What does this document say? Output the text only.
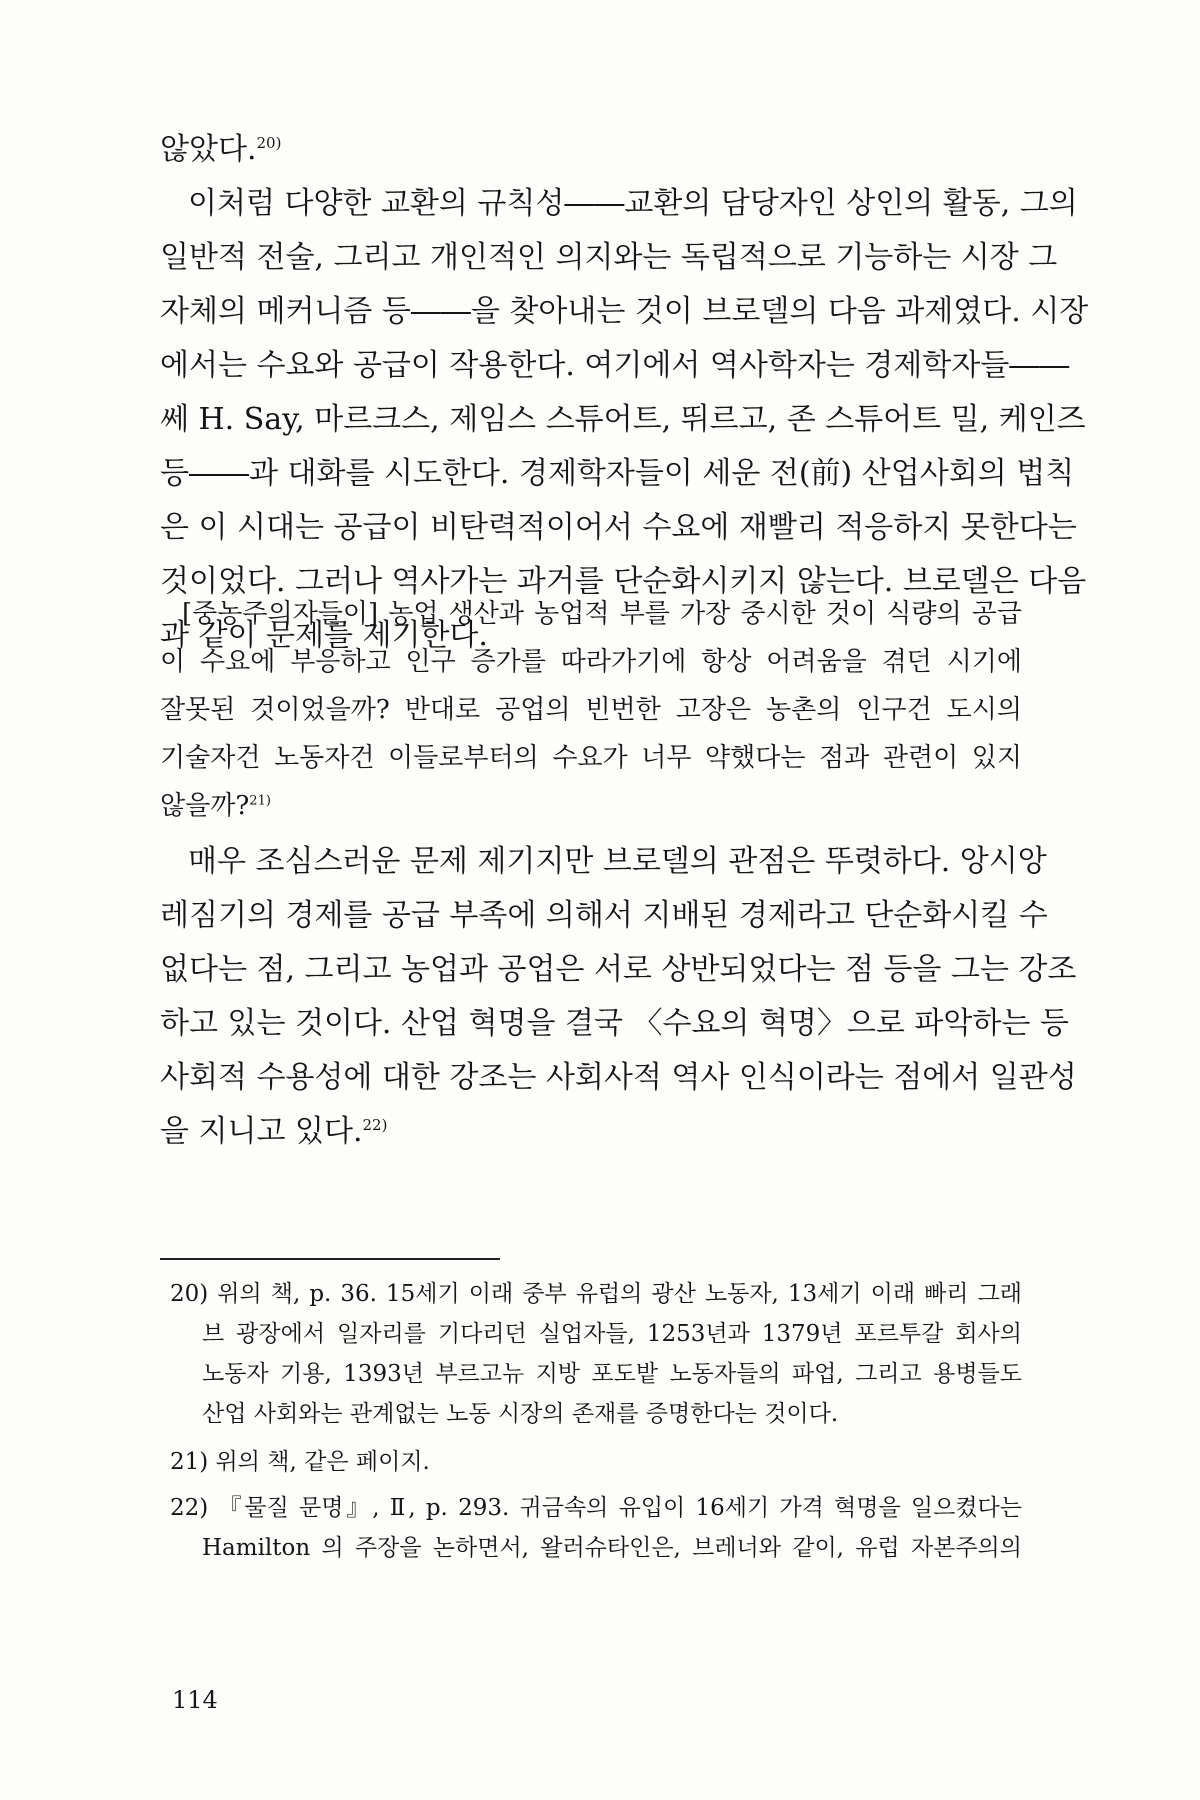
않았다.$^{20)}$
이처럼 다양한 교환의 규칙성――교환의 담당자인 상인의 활동, 그의
일반적 전술, 그리고 개인적인 의지와는 독립적으로 기능하는 시장 그
자체의 메커니즘 등――을 찾아내는 것이 브로델의 다음 과제였다. 시장
에서는 수요와 공급이 작용한다. 여기에서 역사학자는 경제학자들――
쎄 H. Say, 마르크스, 제임스 스튜어트, 뛰르고, 존 스튜어트 밀, 케인즈
등――과 대화를 시도한다. 경제학자들이 세운 전(前) 산업사회의 법칙
은 이 시대는 공급이 비탄력적이어서 수요에 재빨리 적응하지 못한다는
것이었다. 그러나 역사가는 과거를 단순화시키지 않는다. 브로델은 다음
과 같이 문제를 제기한다.
[중농주의자들이] 농업 생산과 농업적 부를 가장 중시한 것이 식량의 공급
이 수요에 부응하고 인구 증가를 따라가기에 항상 어려움을 겪던 시기에
잘못된 것이었을까? 반대로 공업의 빈번한 고장은 농촌의 인구건 도시의
기술자건 노동자건 이들로부터의 수요가 너무 약했다는 점과 관련이 있지
않을까?$^{21)}$
매우 조심스러운 문제 제기지만 브로델의 관점은 뚜렷하다. 앙시앙
레짐기의 경제를 공급 부족에 의해서 지배된 경제라고 단순화시킬 수
없다는 점, 그리고 농업과 공업은 서로 상반되었다는 점 등을 그는 강조
하고 있는 것이다. 산업 혁명을 결국 〈수요의 혁명〉으로 파악하는 등
사회적 수용성에 대한 강조는 사회사적 역사 인식이라는 점에서 일관성
을 지니고 있다.$^{22)}$
20) 위의 책, p. 36. 15세기 이래 중부 유럽의 광산 노동자, 13세기 이래 빠리 그래
브 광장에서 일자리를 기다리던 실업자들, 1253년과 1379년 포르투갈 회사의
노동자 기용, 1393년 부르고뉴 지방 포도밭 노동자들의 파업, 그리고 용병들도
산업 사회와는 관계없는 노동 시장의 존재를 증명한다는 것이다.
21) 위의 책, 같은 페이지.
22) 『물질 문명』, Ⅱ, p. 293. 귀금속의 유입이 16세기 가격 혁명을 일으켰다는
Hamilton 의 주장을 논하면서, 왈러슈타인은, 브레너와 같이, 유럽 자본주의의
114
